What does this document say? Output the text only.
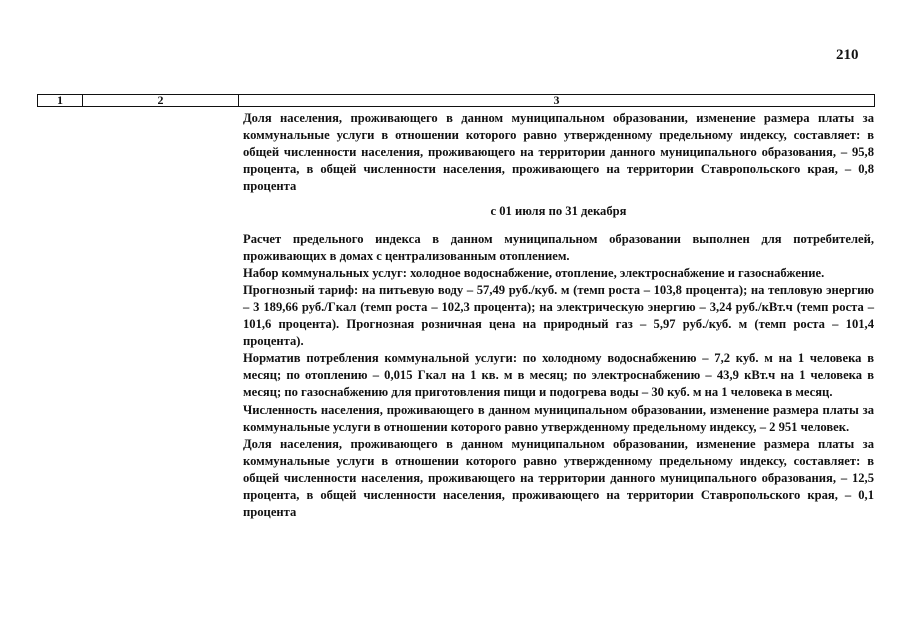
210
1	2	3

Доля населения, проживающего в данном муниципальном образовании, изменение размера платы за коммунальные услуги в отношении которого равно утвержденному предельному индексу, составляет: в общей численности населения, проживающего на территории данного муниципального образования, – 95,8 процента, в общей численности населения, проживающего на территории Ставропольского края, – 0,8 процента

с 01 июля по 31 декабря

Расчет предельного индекса в данном муниципальном образовании выполнен для потребителей, проживающих в домах с централизованным отоплением.

Набор коммунальных услуг: холодное водоснабжение, отопление, электроснабжение и газоснабжение.

Прогнозный тариф: на питьевую воду – 57,49 руб./куб. м (темп роста – 103,8 процента); на тепловую энергию – 3 189,66 руб./Гкал (темп роста – 102,3 процента); на электрическую энергию – 3,24 руб./кВт.ч (темп роста – 101,6 процента). Прогнозная розничная цена на природный газ – 5,97 руб./куб. м (темп роста – 101,4 процента).

Норматив потребления коммунальной услуги: по холодному водоснабжению – 7,2 куб. м на 1 человека в месяц; по отоплению – 0,015 Гкал на 1 кв. м в месяц; по электроснабжению – 43,9 кВт.ч на 1 человека в месяц; по газоснабжению для приготовления пищи и подогрева воды – 30 куб. м на 1 человека в месяц.

Численность населения, проживающего в данном муниципальном образовании, изменение размера платы за коммунальные услуги в отношении которого равно утвержденному предельному индексу, – 2 951 человек.

Доля населения, проживающего в данном муниципальном образовании, изменение размера платы за коммунальные услуги в отношении которого равно утвержденному предельному индексу, составляет: в общей численности населения, проживающего на территории данного муниципального образования, – 12,5 процента, в общей численности населения, проживающего на территории Ставропольского края, – 0,1 процента
